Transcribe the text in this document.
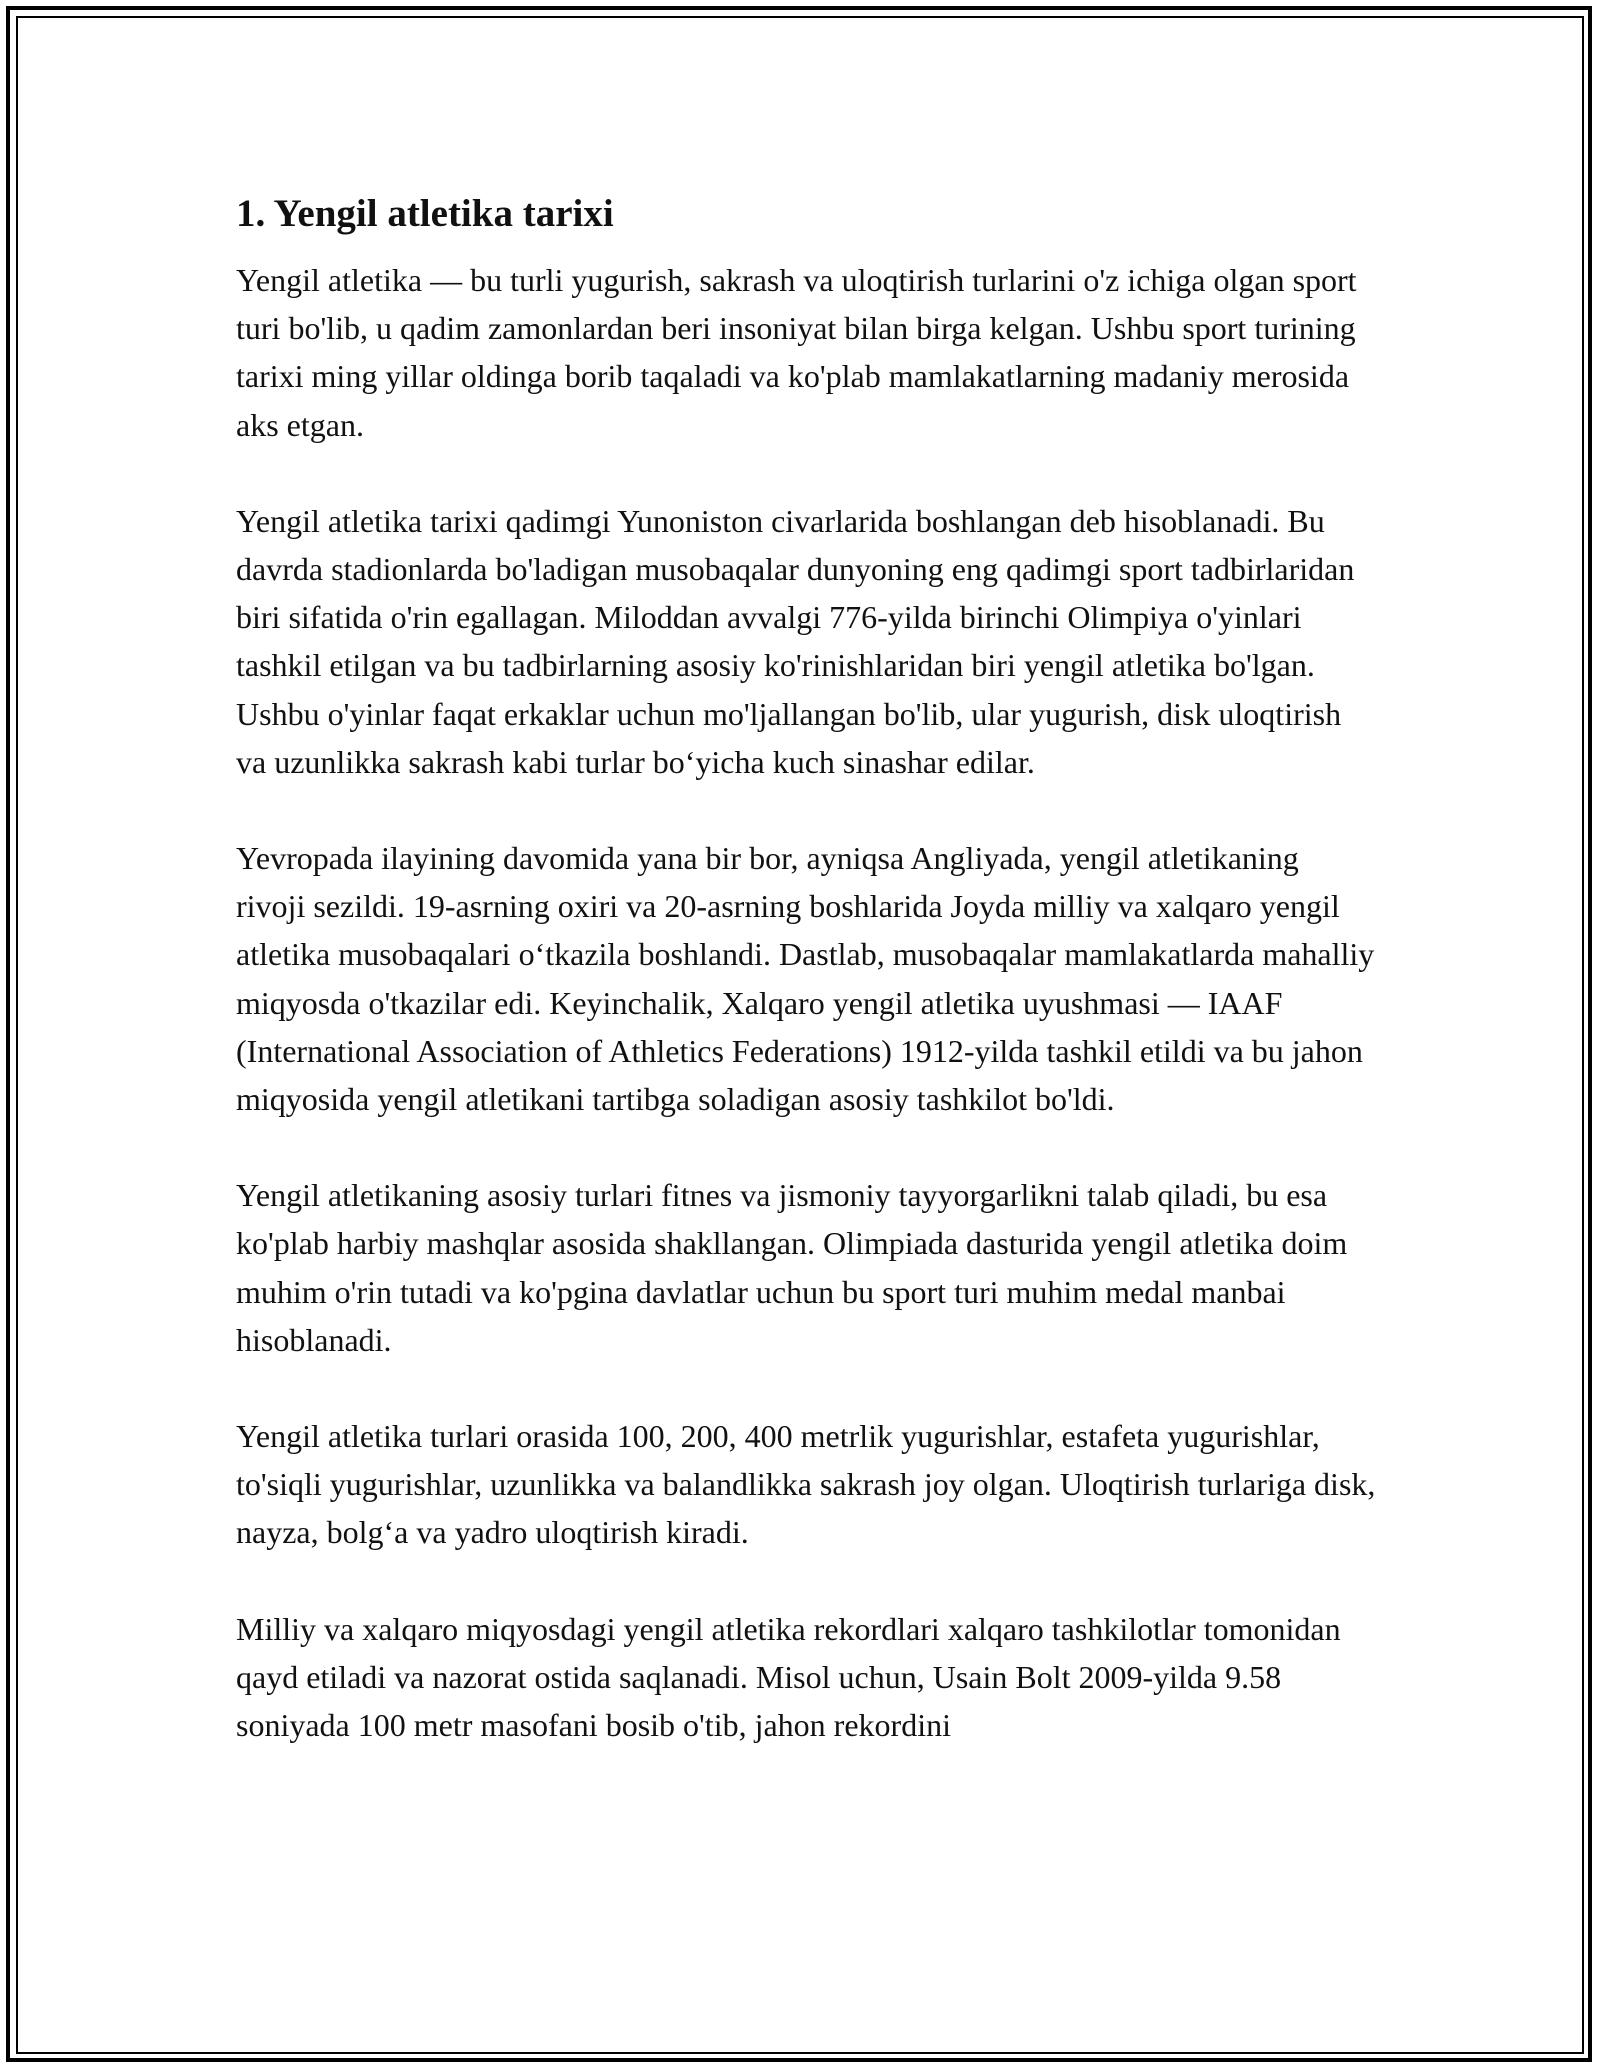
1. Yengil atletika tarixi

Yengil atletika — bu turli yugurish, sakrash va uloqtirish turlarini o'z ichiga olgan sport turi bo'lib, u qadim zamonlardan beri insoniyat bilan birga kelgan. Ushbu sport turining tarixi ming yillar oldinga borib taqaladi va ko'plab mamlakatlarning madaniy merosida aks etgan.

Yengil atletika tarixi qadimgi Yunoniston civarlarida boshlangan deb hisoblanadi. Bu davrda stadionlarda bo'ladigan musobaqalar dunyoning eng qadimgi sport tadbirlaridan biri sifatida o'rin egallagan. Miloddan avvalgi 776-yilda birinchi Olimpiya o'yinlari tashkil etilgan va bu tadbirlarning asosiy ko'rinishlaridan biri yengil atletika bo'lgan. Ushbu o'yinlar faqat erkaklar uchun mo'ljallangan bo'lib, ular yugurish, disk uloqtirish va uzunlikka sakrash kabi turlar bo‘yicha kuch sinashar edilar.

Yevropada ilayining davomida yana bir bor, ayniqsa Angliyada, yengil atletikaning rivoji sezildi. 19-asrning oxiri va 20-asrning boshlarida Joyda milliy va xalqaro yengil atletika musobaqalari o‘tkazila boshlandi. Dastlab, musobaqalar mamlakatlarda mahalliy miqyosda o'tkazilar edi. Keyinchalik, Xalqaro yengil atletika uyushmasi — IAAF (International Association of Athletics Federations) 1912-yilda tashkil etildi va bu jahon miqyosida yengil atletikani tartibga soladigan asosiy tashkilot bo'ldi.

Yengil atletikaning asosiy turlari fitnes va jismoniy tayyorgarlikni talab qiladi, bu esa ko'plab harbiy mashqlar asosida shakllangan. Olimpiada dasturida yengil atletika doim muhim o'rin tutadi va ko'pgina davlatlar uchun bu sport turi muhim medal manbai hisoblanadi.

Yengil atletika turlari orasida 100, 200, 400 metrlik yugurishlar, estafeta yugurishlar, to'siqli yugurishlar, uzunlikka va balandlikka sakrash joy olgan. Uloqtirish turlariga disk, nayza, bolg‘a va yadro uloqtirish kiradi.

Milliy va xalqaro miqyosdagi yengil atletika rekordlari xalqaro tashkilotlar tomonidan qayd etiladi va nazorat ostida saqlanadi. Misol uchun, Usain Bolt 2009-yilda 9.58 soniyada 100 metr masofani bosib o'tib, jahon rekordini
